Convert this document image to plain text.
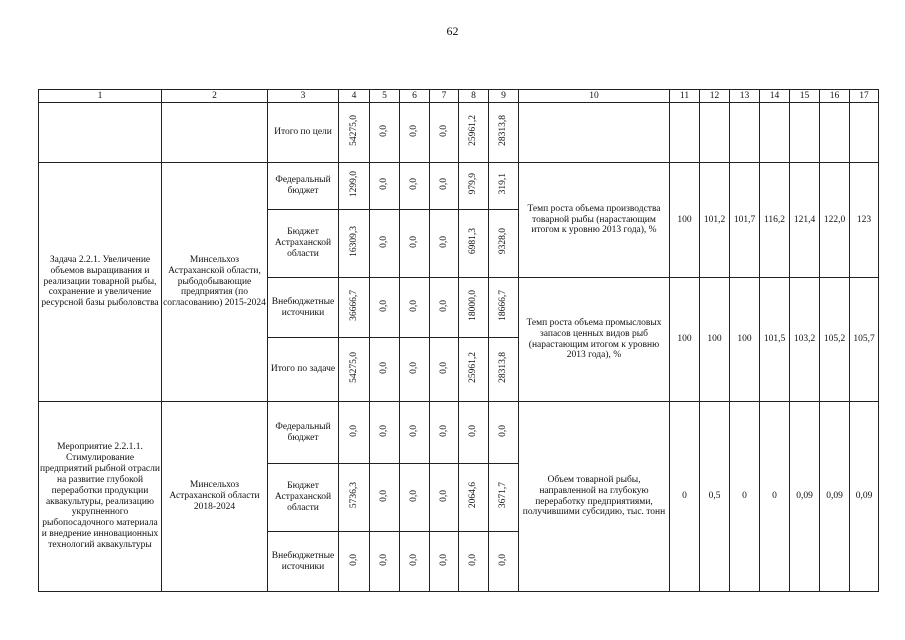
62
1	2	3	4	5	6	7	8	9	10	11	12	13	14	15	16	17
		Итого по цели	54275,0	0,0	0,0	0,0	25961,2	28313,8								
Задача 2.2.1. Увеличение объемов выращивания и реализации товарной рыбы, сохранение и увеличение ресурсной базы рыболовства	Минсельхоз Астраханской области, рыбодобывающие предприятия (по согласованию) 2015-2024	Федеральный бюджет	1299,0	0,0	0,0	0,0	979,9	319,1	Темп роста объема производства товарной рыбы (нарастающим итогом к уровню 2013 года), %	100	101,2	101,7	116,2	121,4	122,0	123
		Бюджет Астраханской области	16309,3	0,0	0,0	0,0	6981,3	9328,0								
		Внебюджетные источники	36666,7	0,0	0,0	0,0	18000,0	18666,7	Темп роста объема промысловых запасов ценных видов рыб (нарастающим итогом к уровню 2013 года), %	100	100	100	101,5	103,2	105,2	105,7
		Итого по задаче	54275,0	0,0	0,0	0,0	25961,2	28313,8								
Мероприятие 2.2.1.1. Стимулирование предприятий рыбной отрасли на развитие глубокой переработки продукции аквакультуры, реализацию укрупненного рыбопосадочного материала и внедрение инновационных технологий аквакультуры	Минсельхоз Астраханской области 2018-2024	Федеральный бюджет	0,0	0,0	0,0	0,0	0,0	0,0	Объем товарной рыбы, направленной на глубокую переработку предприятиями, получившими субсидию, тыс. тонн	0	0,5	0	0	0,09	0,09	0,09
		Бюджет Астраханской области	5736,3	0,0	0,0	0,0	2064,6	3671,7								
		Внебюджетные источники	0,0	0,0	0,0	0,0	0,0	0,0								
